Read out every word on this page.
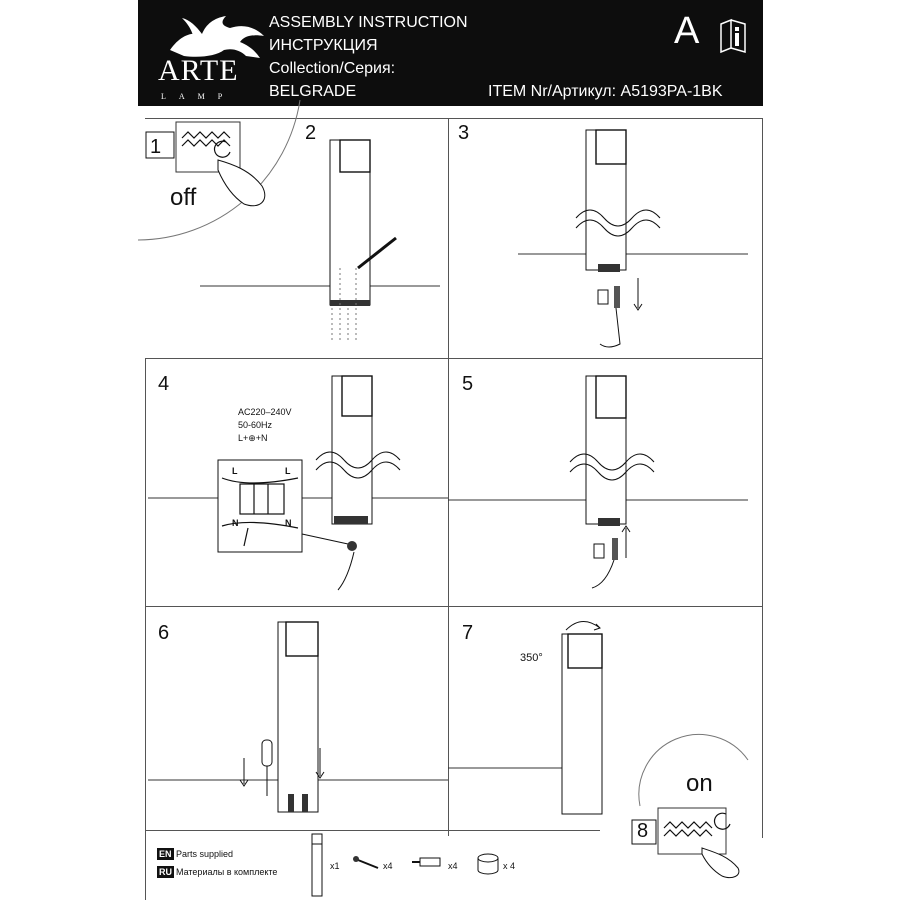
ARTE
LAMP
ASSEMBLY INSTRUCTION
ИНСТРУКЦИЯ
Collection/Серия:
BELGRADE	ITEM Nr/Артикул: A5193PA-1BK
A
2	3
4	5
6	7
1
off
AC220–240V
50-60Hz
L+⊕+N
L	L
N	N
350°
8
on
EN Parts supplied
RU Материалы в комплекте
x1	x4	x4	x 4
